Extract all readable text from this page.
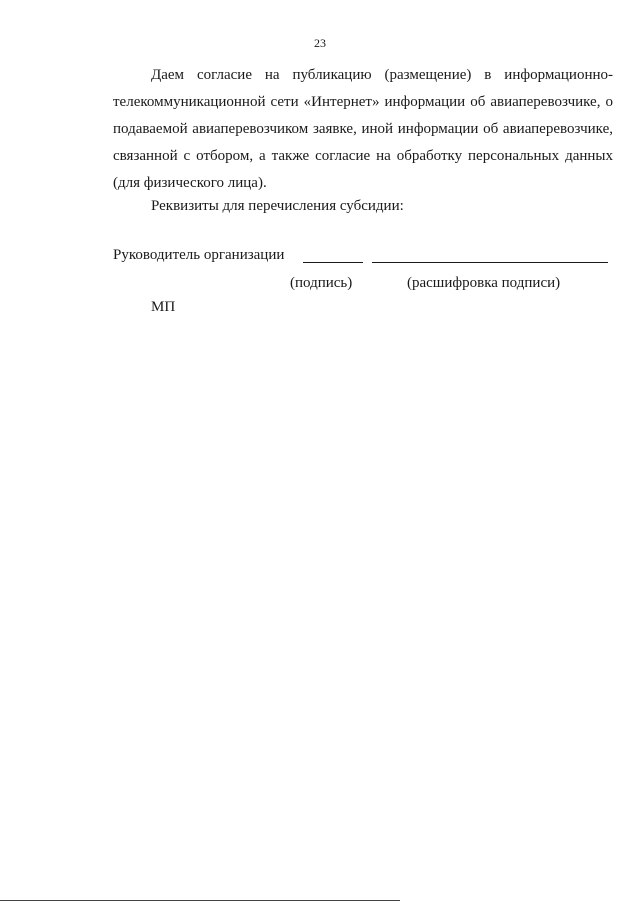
23

Даем согласие на публикацию (размещение) в информационно-телекоммуникационной сети «Интернет» информации об авиаперевозчике, о подаваемой авиаперевозчиком заявке, иной информации об авиаперевозчике, связанной с отбором, а также согласие на обработку персональных данных (для физического лица).

Реквизиты для перечисления субсидии:

Руководитель организации
(подпись)	(расшифровка подписи)
МП
